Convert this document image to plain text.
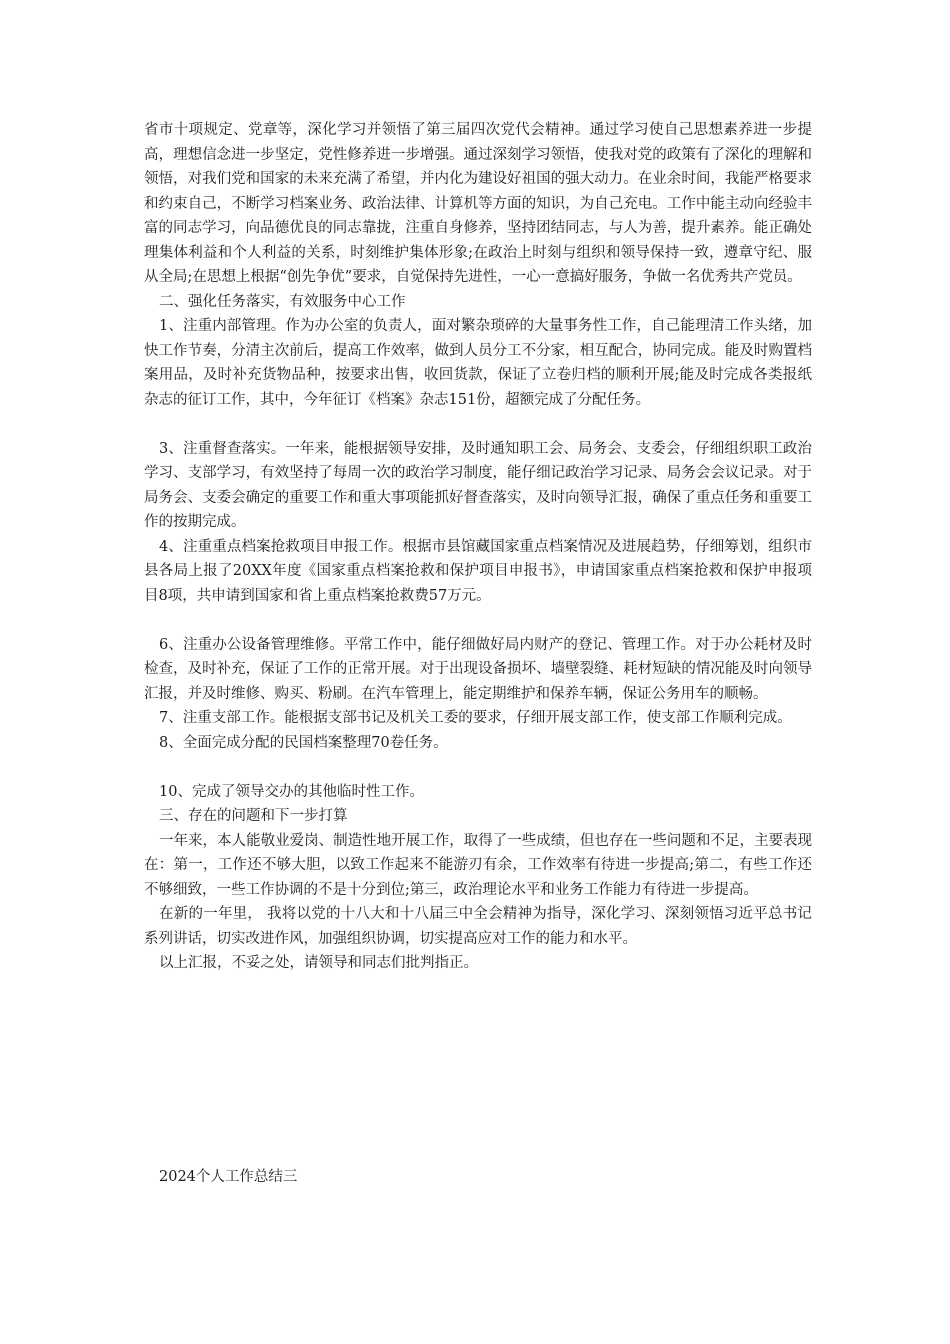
省市十项规定、党章等，深化学习并领悟了第三届四次党代会精神。通过学习使自己思想素养进一步提高，理想信念进一步坚定，党性修养进一步增强。通过深刻学习领悟，使我对党的政策有了深化的理解和领悟，对我们党和国家的未来充满了希望，并内化为建设好祖国的强大动力。在业余时间，我能严格要求和约束自己，不断学习档案业务、政治法律、计算机等方面的知识，为自己充电。工作中能主动向经验丰富的同志学习，向品德优良的同志靠拢，注重自身修养，坚持团结同志，与人为善，提升素养。能正确处理集体利益和个人利益的关系，时刻维护集体形象;在政治上时刻与组织和领导保持一致，遵章守纪、服从全局;在思想上根据“创先争优”要求，自觉保持先进性，一心一意搞好服务，争做一名优秀共产党员。

二、强化任务落实，有效服务中心工作

1、注重内部管理。作为办公室的负责人，面对繁杂琐碎的大量事务性工作，自己能理清工作头绪，加快工作节奏，分清主次前后，提高工作效率，做到人员分工不分家，相互配合，协同完成。能及时购置档案用品，及时补充货物品种，按要求出售，收回货款，保证了立卷归档的顺利开展;能及时完成各类报纸杂志的征订工作，其中，今年征订《档案》杂志151份，超额完成了分配任务。

3、注重督查落实。一年来，能根据领导安排，及时通知职工会、局务会、支委会，仔细组织职工政治学习、支部学习，有效坚持了每周一次的政治学习制度，能仔细记政治学习记录、局务会会议记录。对于局务会、支委会确定的重要工作和重大事项能抓好督查落实，及时向领导汇报，确保了重点任务和重要工作的按期完成。

4、注重重点档案抢救项目申报工作。根据市县馆藏国家重点档案情况及进展趋势，仔细筹划，组织市县各局上报了20XX年度《国家重点档案抢救和保护项目申报书》，申请国家重点档案抢救和保护申报项目8项，共申请到国家和省上重点档案抢救费57万元。

6、注重办公设备管理维修。平常工作中，能仔细做好局内财产的登记、管理工作。对于办公耗材及时检查，及时补充，保证了工作的正常开展。对于出现设备损坏、墙壁裂缝、耗材短缺的情况能及时向领导汇报，并及时维修、购买、粉刷。在汽车管理上，能定期维护和保养车辆，保证公务用车的顺畅。

7、注重支部工作。能根据支部书记及机关工委的要求，仔细开展支部工作，使支部工作顺利完成。

8、全面完成分配的民国档案整理70卷任务。

10、完成了领导交办的其他临时性工作。

三、存在的问题和下一步打算

一年来，本人能敬业爱岗、制造性地开展工作，取得了一些成绩，但也存在一些问题和不足，主要表现在：第一，工作还不够大胆，以致工作起来不能游刃有余，工作效率有待进一步提高;第二，有些工作还不够细致，一些工作协调的不是十分到位;第三，政治理论水平和业务工作能力有待进一步提高。

在新的一年里， 我将以党的十八大和十八届三中全会精神为指导，深化学习、深刻领悟习近平总书记系列讲话，切实改进作风，加强组织协调，切实提高应对工作的能力和水平。

以上汇报，不妥之处，请领导和同志们批判指正。

2024个人工作总结三
